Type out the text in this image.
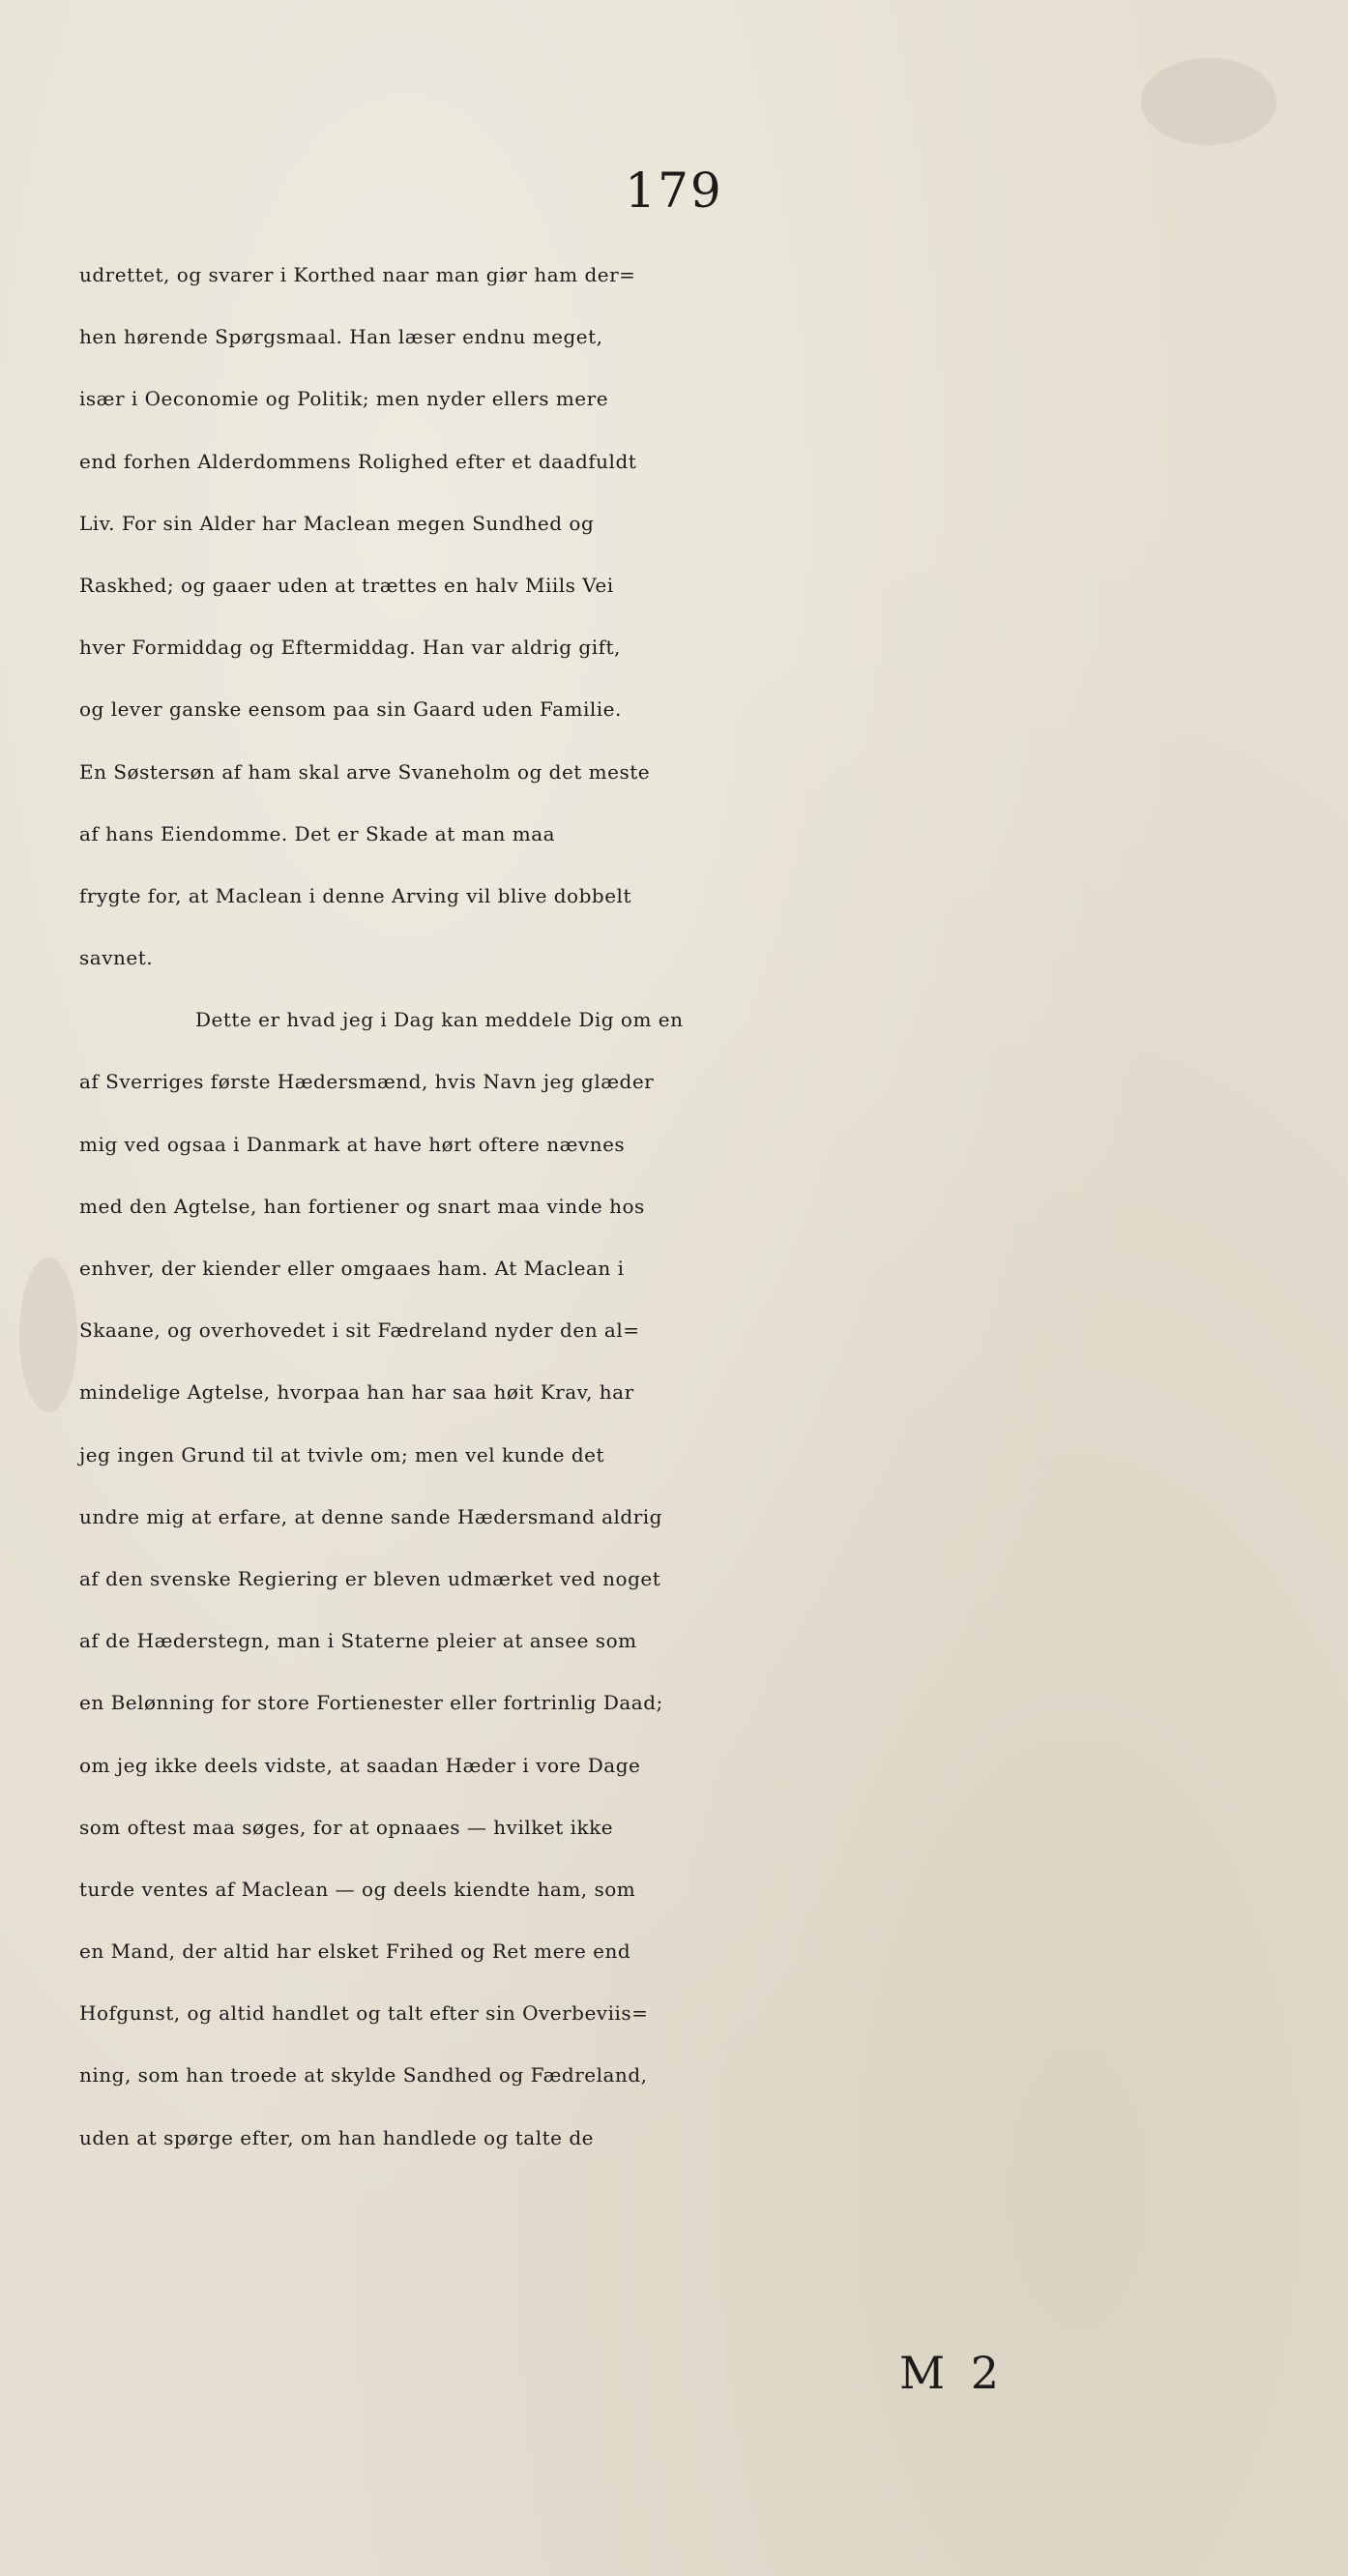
179
udrettet, og svarer i Korthed naar man giør ham der=
hen hørende Spørgsmaal. Han læser endnu meget,
især i Oeconomie og Politik; men nyder ellers mere
end forhen Alderdommens Rolighed efter et daadfuldt
Liv. For sin Alder har Maclean megen Sundhed og
Raskhed; og gaaer uden at trættes en halv Miils Vei
hver Formiddag og Eftermiddag. Han var aldrig gift,
og lever ganske eensom paa sin Gaard uden Familie.
En Søstersøn af ham skal arve Svaneholm og det meste
af hans Eiendomme. Det er Skade at man maa
frygte for, at Maclean i denne Arving vil blive dobbelt
savnet.
Dette er hvad jeg i Dag kan meddele Dig om en
af Sverriges første Hædersmænd, hvis Navn jeg glæder
mig ved ogsaa i Danmark at have hørt oftere nævnes
med den Agtelse, han fortiener og snart maa vinde hos
enhver, der kiender eller omgaaes ham. At Maclean i
Skaane, og overhovedet i sit Fædreland nyder den al=
mindelige Agtelse, hvorpaa han har saa høit Krav, har
jeg ingen Grund til at tvivle om; men vel kunde det
undre mig at erfare, at denne sande Hædersmand aldrig
af den svenske Regiering er bleven udmærket ved noget
af de Hæderstegn, man i Staterne pleier at ansee som
en Belønning for store Fortienester eller fortrinlig Daad;
om jeg ikke deels vidste, at saadan Hæder i vore Dage
som oftest maa søges, for at opnaaes — hvilket ikke
turde ventes af Maclean — og deels kiendte ham, som
en Mand, der altid har elsket Frihed og Ret mere end
Hofgunst, og altid handlet og talt efter sin Overbeviis=
ning, som han troede at skylde Sandhed og Fædreland,
uden at spørge efter, om han handlede og talte de
M 2
